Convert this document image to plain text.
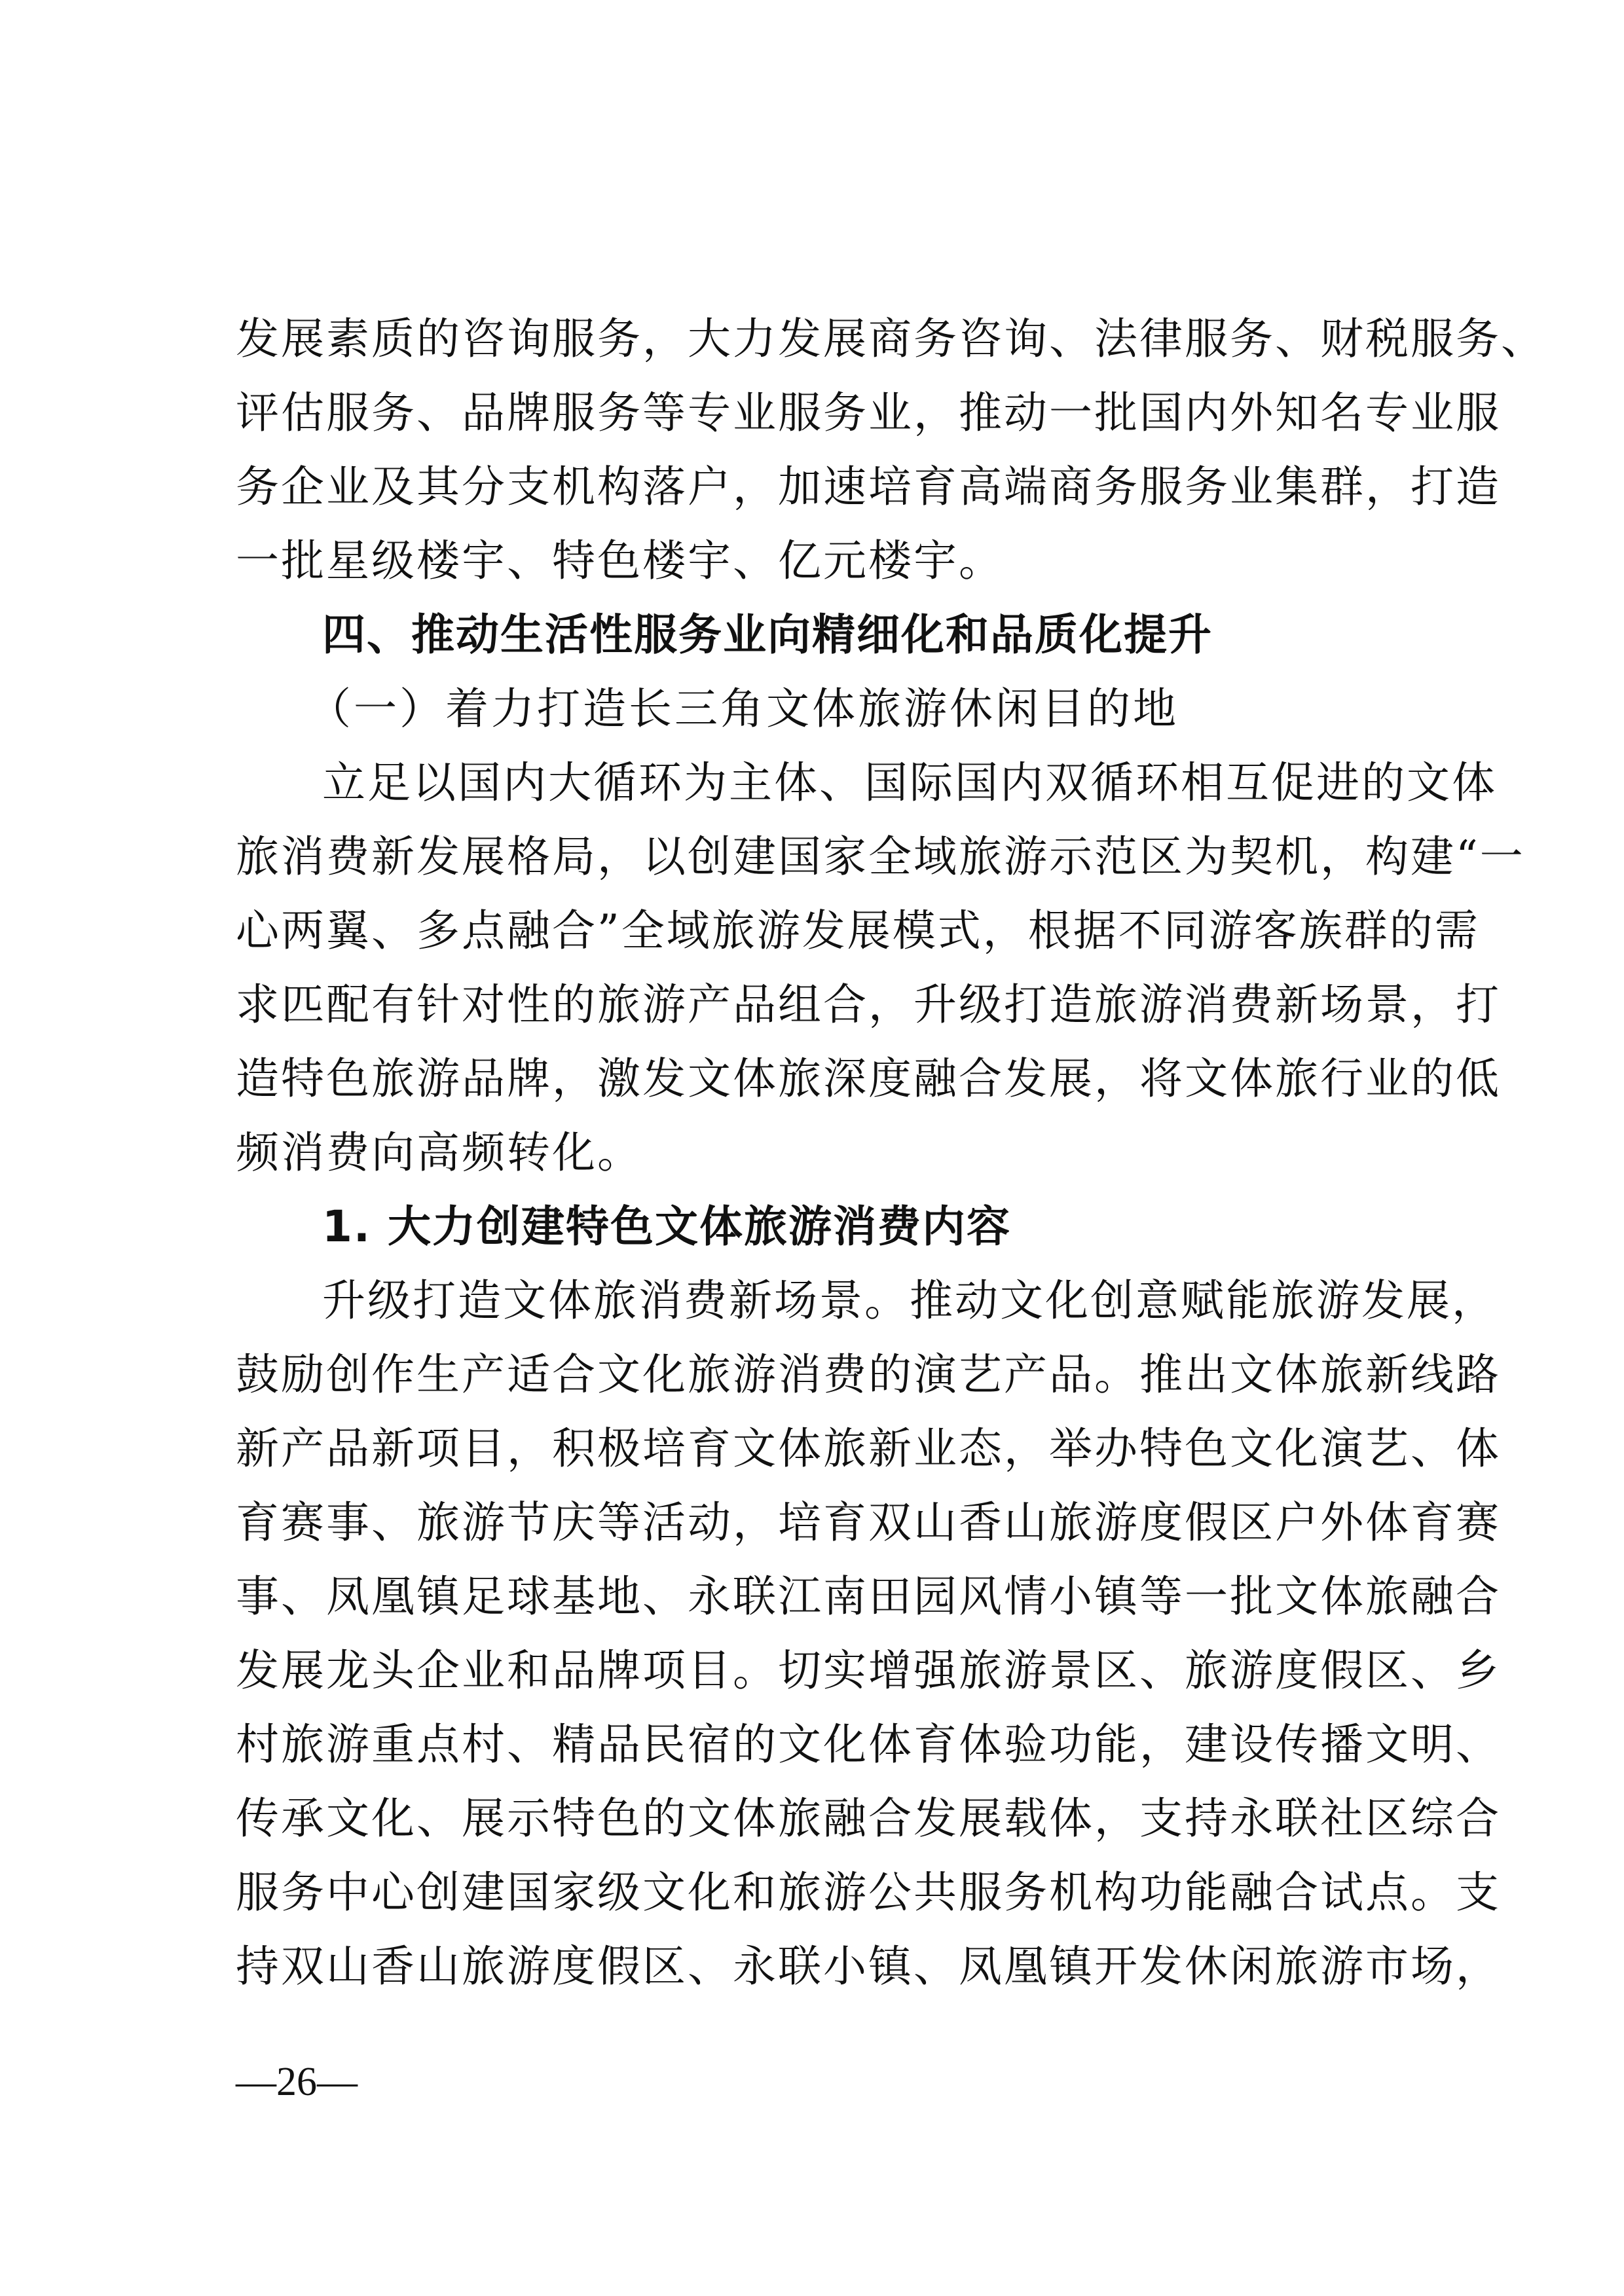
发展素质的咨询服务，大力发展商务咨询、法律服务、财税服务、
评估服务、品牌服务等专业服务业，推动一批国内外知名专业服
务企业及其分支机构落户，加速培育高端商务服务业集群，打造
一批星级楼宇、特色楼宇、亿元楼宇。
四、推动生活性服务业向精细化和品质化提升
（一）着力打造长三角文体旅游休闲目的地
立足以国内大循环为主体、国际国内双循环相互促进的文体
旅消费新发展格局，以创建国家全域旅游示范区为契机，构建“一
心两翼、多点融合”全域旅游发展模式，根据不同游客族群的需
求匹配有针对性的旅游产品组合，升级打造旅游消费新场景，打
造特色旅游品牌，激发文体旅深度融合发展，将文体旅行业的低
频消费向高频转化。
1. 大力创建特色文体旅游消费内容
升级打造文体旅消费新场景。推动文化创意赋能旅游发展，
鼓励创作生产适合文化旅游消费的演艺产品。推出文体旅新线路
新产品新项目，积极培育文体旅新业态，举办特色文化演艺、体
育赛事、旅游节庆等活动，培育双山香山旅游度假区户外体育赛
事、凤凰镇足球基地、永联江南田园风情小镇等一批文体旅融合
发展龙头企业和品牌项目。切实增强旅游景区、旅游度假区、乡
村旅游重点村、精品民宿的文化体育体验功能，建设传播文明、
传承文化、展示特色的文体旅融合发展载体，支持永联社区综合
服务中心创建国家级文化和旅游公共服务机构功能融合试点。支
持双山香山旅游度假区、永联小镇、凤凰镇开发休闲旅游市场，
—26—
